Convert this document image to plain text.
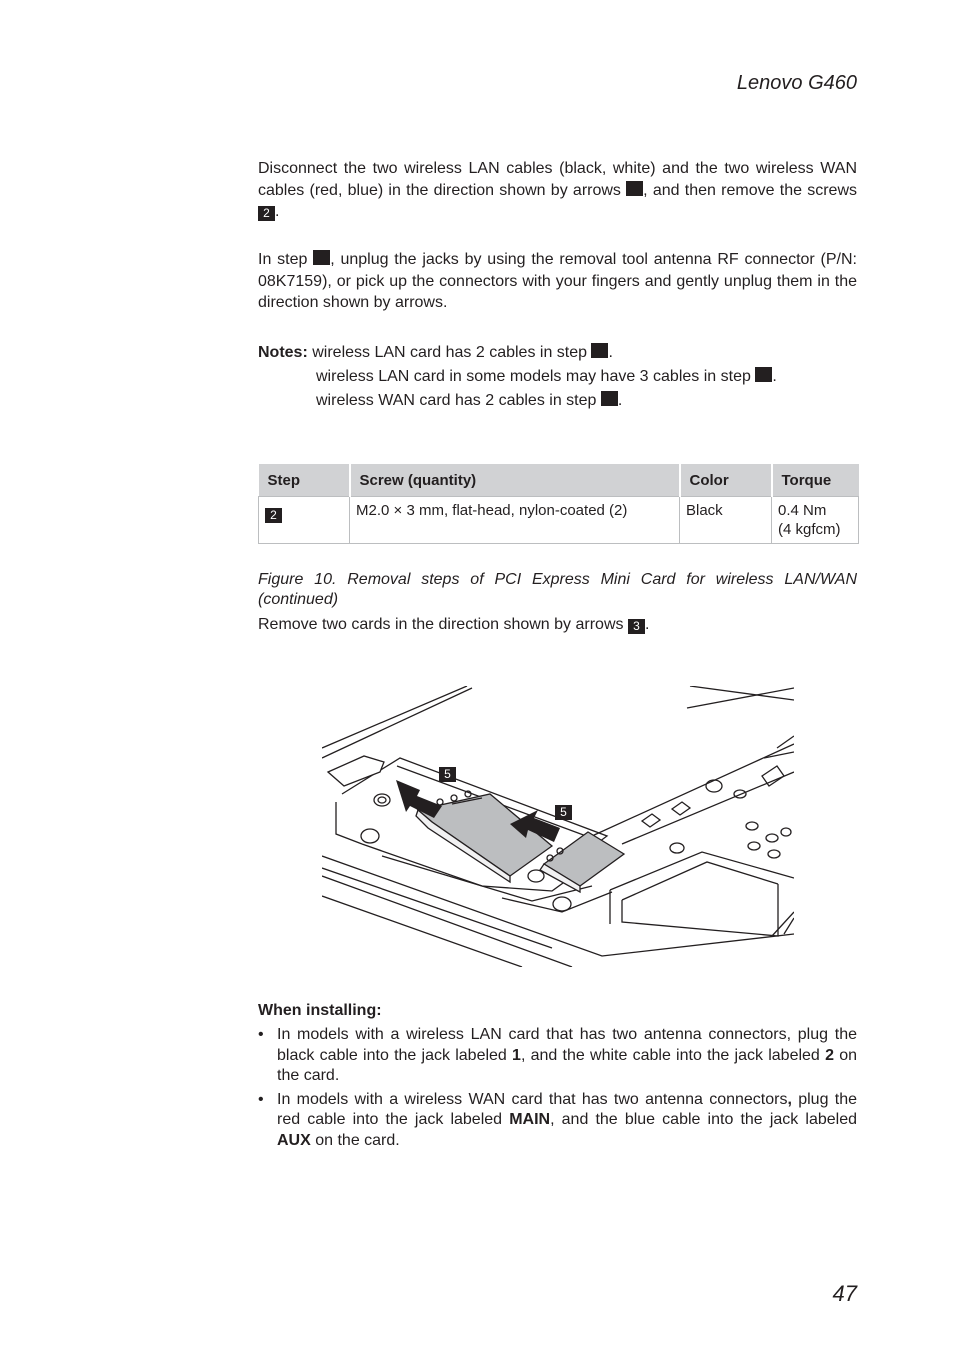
Lenovo G460

Disconnect the two wireless LAN cables (black, white) and the two wireless WAN cables (red, blue) in the direction shown by arrows , and then remove the screws 2 .

In step , unplug the jacks by using the removal tool antenna RF connector (P/N: 08K7159), or pick up the connectors with your fingers and gently unplug them in the direction shown by arrows.

Notes: wireless LAN card has 2 cables in step .
wireless LAN card in some models may have 3 cables in step .
wireless WAN card has 2 cables in step .
Step	Screw (quantity)	Color	Torque
2	M2.0 × 3 mm, flat-head, nylon-coated (2)	Black	0.4 Nm
(4 kgfcm)
Figure 10. Removal steps of PCI Express Mini Card for wireless LAN/WAN (continued)
Remove two cards in the direction shown by arrows 3 .
5
5
When installing:
• In models with a wireless LAN card that has two antenna connectors, plug the black cable into the jack labeled 1, and the white cable into the jack labeled 2 on the card.
• In models with a wireless WAN card that has two antenna connectors, plug the red cable into the jack labeled MAIN, and the blue cable into the jack labeled AUX on the card.
47
